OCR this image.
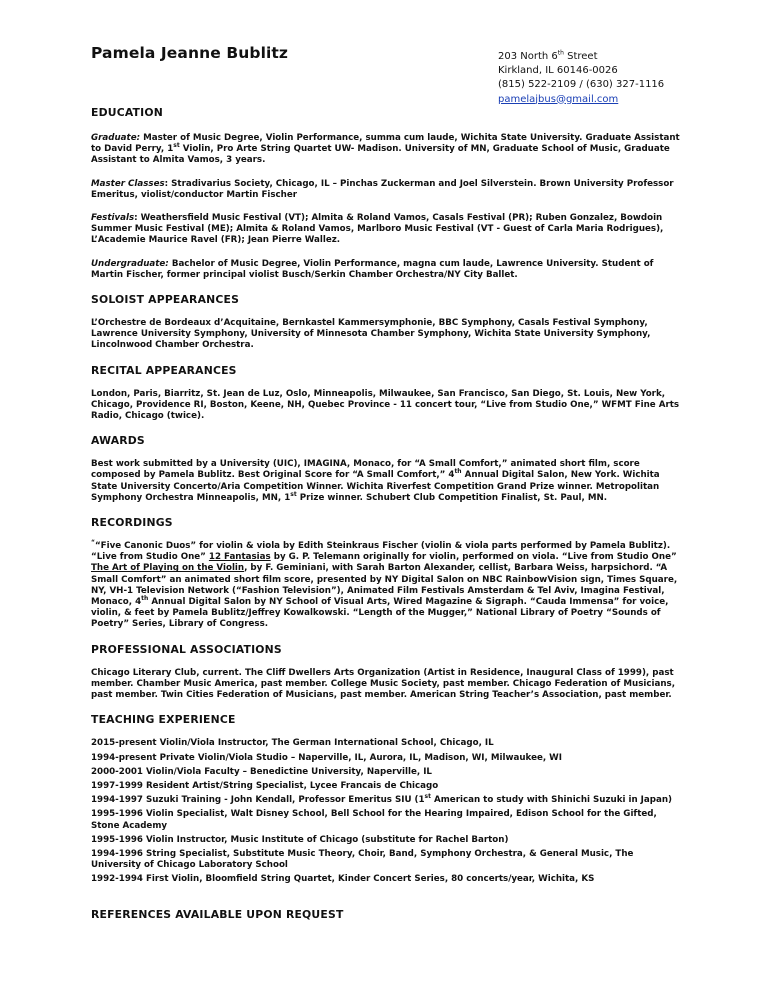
Pamela Jeanne Bublitz	203 North 6th Street
Kirkland, IL 60146-0026
(815) 522-2109 / (630) 327-1116
pamelajbus@gmail.com
EDUCATION
Graduate: Master of Music Degree, Violin Performance, summa cum laude, Wichita State University. Graduate Assistant to David Perry, 1st Violin, Pro Arte String Quartet UW- Madison. University of MN, Graduate School of Music, Graduate Assistant to Almita Vamos, 3 years.
Master Classes: Stradivarius Society, Chicago, IL – Pinchas Zuckerman and Joel Silverstein. Brown University Professor Emeritus, violist/conductor Martin Fischer
Festivals: Weathersfield Music Festival (VT); Almita & Roland Vamos, Casals Festival (PR); Ruben Gonzalez, Bowdoin Summer Music Festival (ME); Almita & Roland Vamos, Marlboro Music Festival (VT - Guest of Carla Maria Rodrigues), L’Academie Maurice Ravel (FR); Jean Pierre Wallez.
Undergraduate: Bachelor of Music Degree, Violin Performance, magna cum laude, Lawrence University. Student of Martin Fischer, former principal violist Busch/Serkin Chamber Orchestra/NY City Ballet.
SOLOIST APPEARANCES
L’Orchestre de Bordeaux d’Acquitaine, Bernkastel Kammersymphonie, BBC Symphony, Casals Festival Symphony, Lawrence University Symphony, University of Minnesota Chamber Symphony, Wichita State University Symphony, Lincolnwood Chamber Orchestra.
RECITAL APPEARANCES
London, Paris, Biarritz, St. Jean de Luz, Oslo, Minneapolis, Milwaukee, San Francisco, San Diego, St. Louis, New York, Chicago, Providence RI, Boston, Keene, NH, Quebec Province - 11 concert tour, “Live from Studio One,” WFMT Fine Arts Radio, Chicago (twice).
AWARDS
Best work submitted by a University (UIC), IMAGINA, Monaco, for “A Small Comfort,” animated short film, score composed by Pamela Bublitz. Best Original Score for “A Small Comfort,” 4th Annual Digital Salon, New York. Wichita State University Concerto/Aria Competition Winner. Wichita Riverfest Competition Grand Prize winner. Metropolitan Symphony Orchestra Minneapolis, MN, 1st Prize winner. Schubert Club Competition Finalist, St. Paul, MN.
RECORDINGS
““Five Canonic Duos” for violin & viola by Edith Steinkraus Fischer (violin & viola parts performed by Pamela Bublitz). “Live from Studio One” 12 Fantasias by G. P. Telemann originally for violin, performed on viola. “Live from Studio One” The Art of Playing on the Violin, by F. Geminiani, with Sarah Barton Alexander, cellist, Barbara Weiss, harpsichord. “A Small Comfort” an animated short film score, presented by NY Digital Salon on NBC RainbowVision sign, Times Square, NY, VH-1 Television Network (“Fashion Television”), Animated Film Festivals Amsterdam & Tel Aviv, Imagina Festival, Monaco, 4th Annual Digital Salon by NY School of Visual Arts, Wired Magazine & Sigraph. “Cauda Immensa” for voice, violin, & feet by Pamela Bublitz/Jeffrey Kowalkowski. “Length of the Mugger,” National Library of Poetry “Sounds of Poetry” Series, Library of Congress.
PROFESSIONAL ASSOCIATIONS
Chicago Literary Club, current. The Cliff Dwellers Arts Organization (Artist in Residence, Inaugural Class of 1999), past member. Chamber Music America, past member. College Music Society, past member. Chicago Federation of Musicians, past member. Twin Cities Federation of Musicians, past member. American String Teacher’s Association, past member.
TEACHING EXPERIENCE
2015-present Violin/Viola Instructor, The German International School, Chicago, IL
1994-present Private Violin/Viola Studio – Naperville, IL, Aurora, IL, Madison, WI, Milwaukee, WI
2000-2001 Violin/Viola Faculty – Benedictine University, Naperville, IL
1997-1999 Resident Artist/String Specialist, Lycee Francais de Chicago
1994-1997 Suzuki Training - John Kendall, Professor Emeritus SIU (1st American to study with Shinichi Suzuki in Japan)
1995-1996 Violin Specialist, Walt Disney School, Bell School for the Hearing Impaired, Edison School for the Gifted, Stone Academy
1995-1996 Violin Instructor, Music Institute of Chicago (substitute for Rachel Barton)
1994-1996 String Specialist, Substitute Music Theory, Choir, Band, Symphony Orchestra, & General Music, The University of Chicago Laboratory School
1992-1994 First Violin, Bloomfield String Quartet, Kinder Concert Series, 80 concerts/year, Wichita, KS
REFERENCES AVAILABLE UPON REQUEST
